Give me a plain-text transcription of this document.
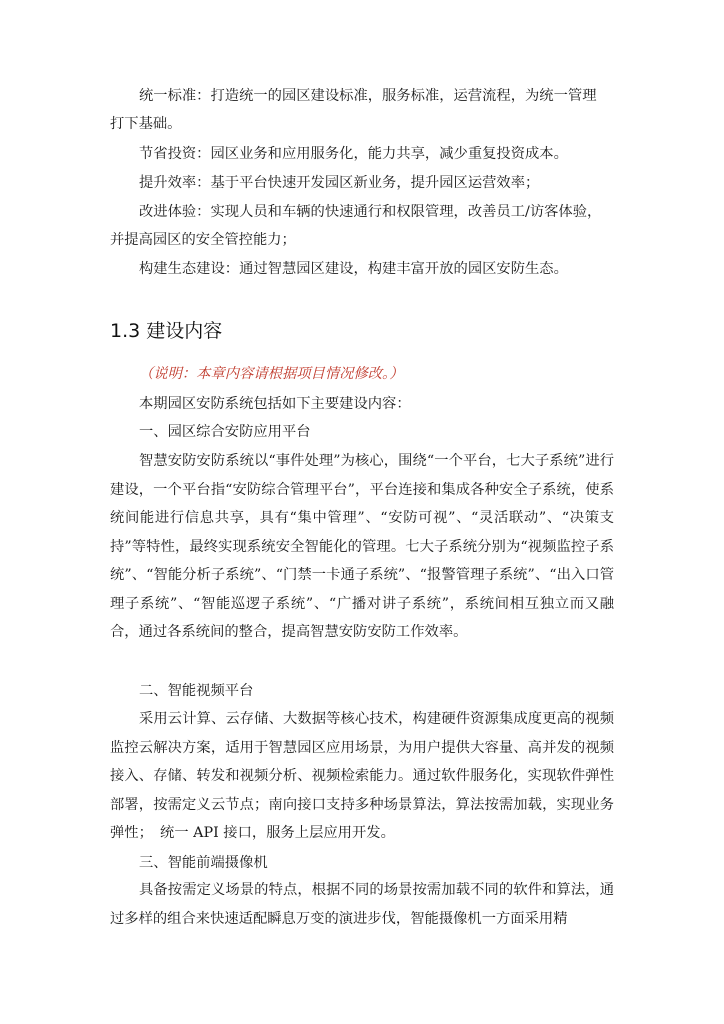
统一标准：打造统一的园区建设标准，服务标准，运营流程，为统一管理
打下基础。
节省投资：园区业务和应用服务化，能力共享，减少重复投资成本。
提升效率：基于平台快速开发园区新业务，提升园区运营效率；
改进体验：实现人员和车辆的快速通行和权限管理，改善员工/访客体验，
并提高园区的安全管控能力；
构建生态建设：通过智慧园区建设，构建丰富开放的园区安防生态。
1.3 建设内容
（说明：本章内容请根据项目情况修改。）
本期园区安防系统包括如下主要建设内容：
一、园区综合安防应用平台
智慧安防安防系统以“事件处理”为核心，围绕“一个平台，七大子系统”进行建设，一个平台指“安防综合管理平台”，平台连接和集成各种安全子系统，使系统间能进行信息共享，具有“集中管理”、“安防可视”、“灵活联动”、“决策支持”等特性，最终实现系统安全智能化的管理。七大子系统分别为“视频监控子系统”、“智能分析子系统”、“门禁一卡通子系统”、“报警管理子系统”、“出入口管理子系统”、“智能巡逻子系统”、“广播对讲子系统”，系统间相互独立而又融合，通过各系统间的整合，提高智慧安防安防工作效率。
二、智能视频平台
采用云计算、云存储、大数据等核心技术，构建硬件资源集成度更高的视频监控云解决方案，适用于智慧园区应用场景，为用户提供大容量、高并发的视频接入、存储、转发和视频分析、视频检索能力。通过软件服务化，实现软件弹性部署，按需定义云节点；南向接口支持多种场景算法，算法按需加载，实现业务弹性；　统一 API 接口，服务上层应用开发。
三、智能前端摄像机
具备按需定义场景的特点，根据不同的场景按需加载不同的软件和算法，通过多样的组合来快速适配瞬息万变的演进步伐，智能摄像机一方面采用精
